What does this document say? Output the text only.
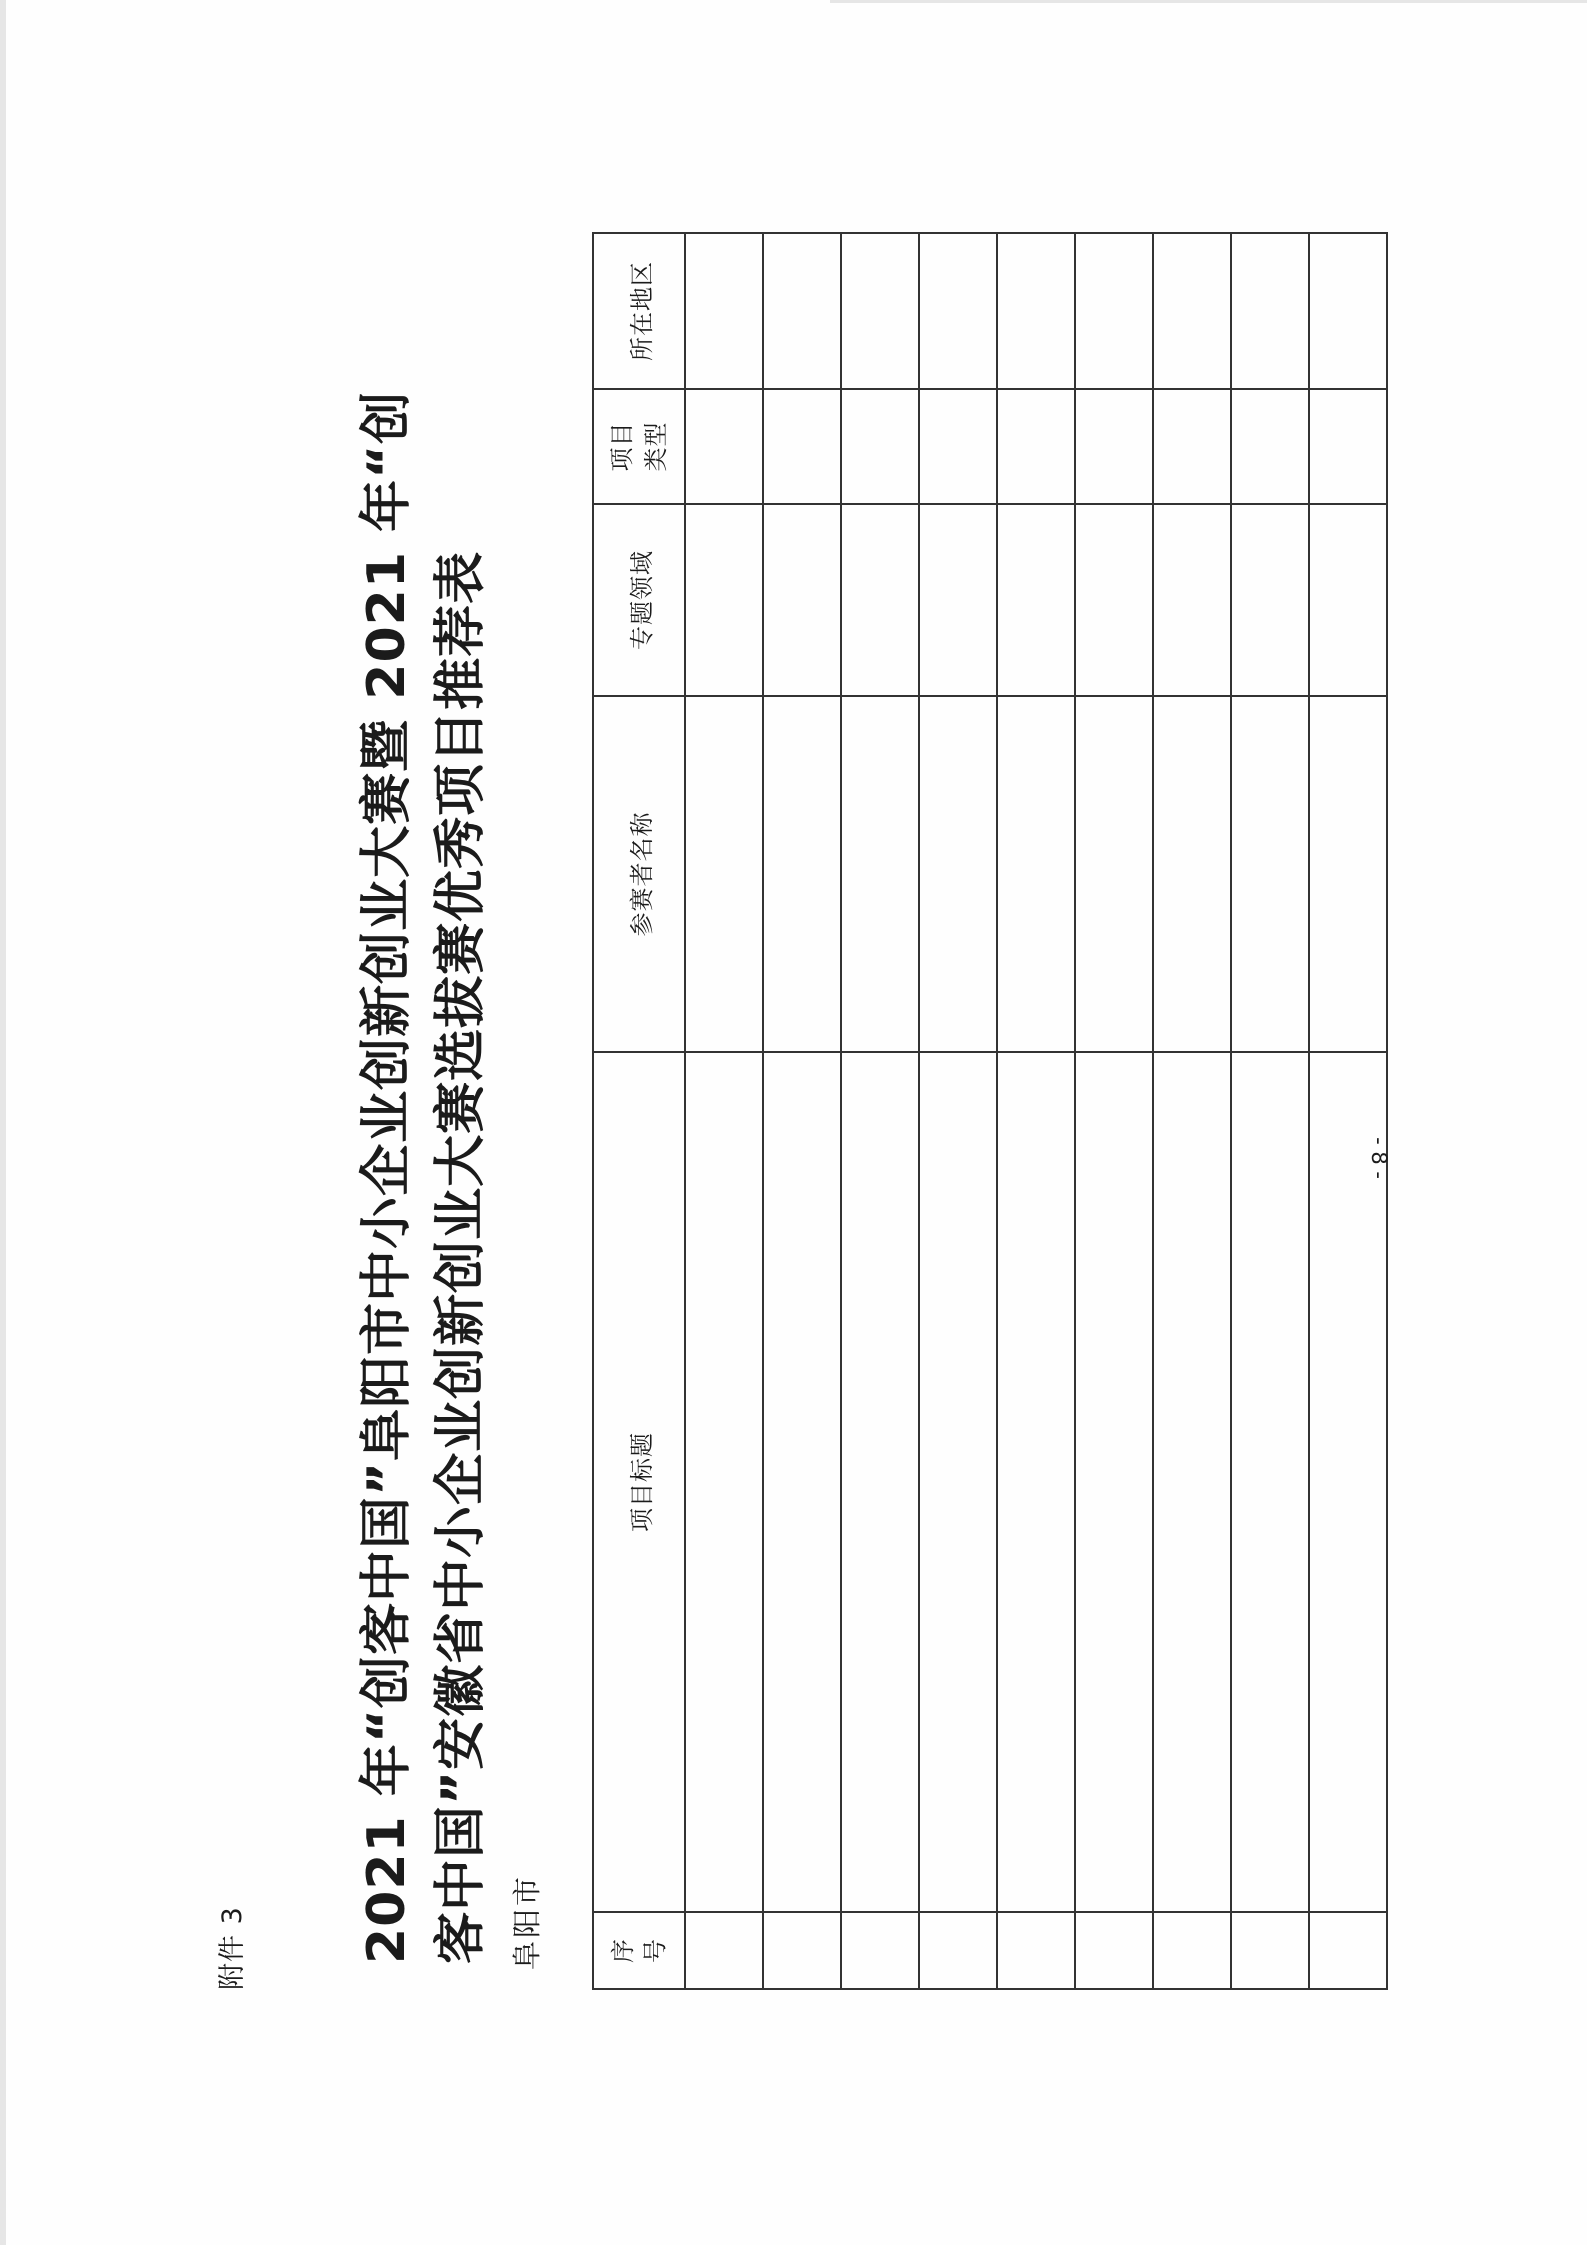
附件 3 2021 年“创客中国”阜阳市中小企业创新创业大赛暨 2021 年“创 客中国”安徽省中小企业创新创业大赛选拔赛优秀项目推荐表 阜阳市	序号	项目标题	参赛者名称	专题领域	项目类型	所在地区

- 8 -
